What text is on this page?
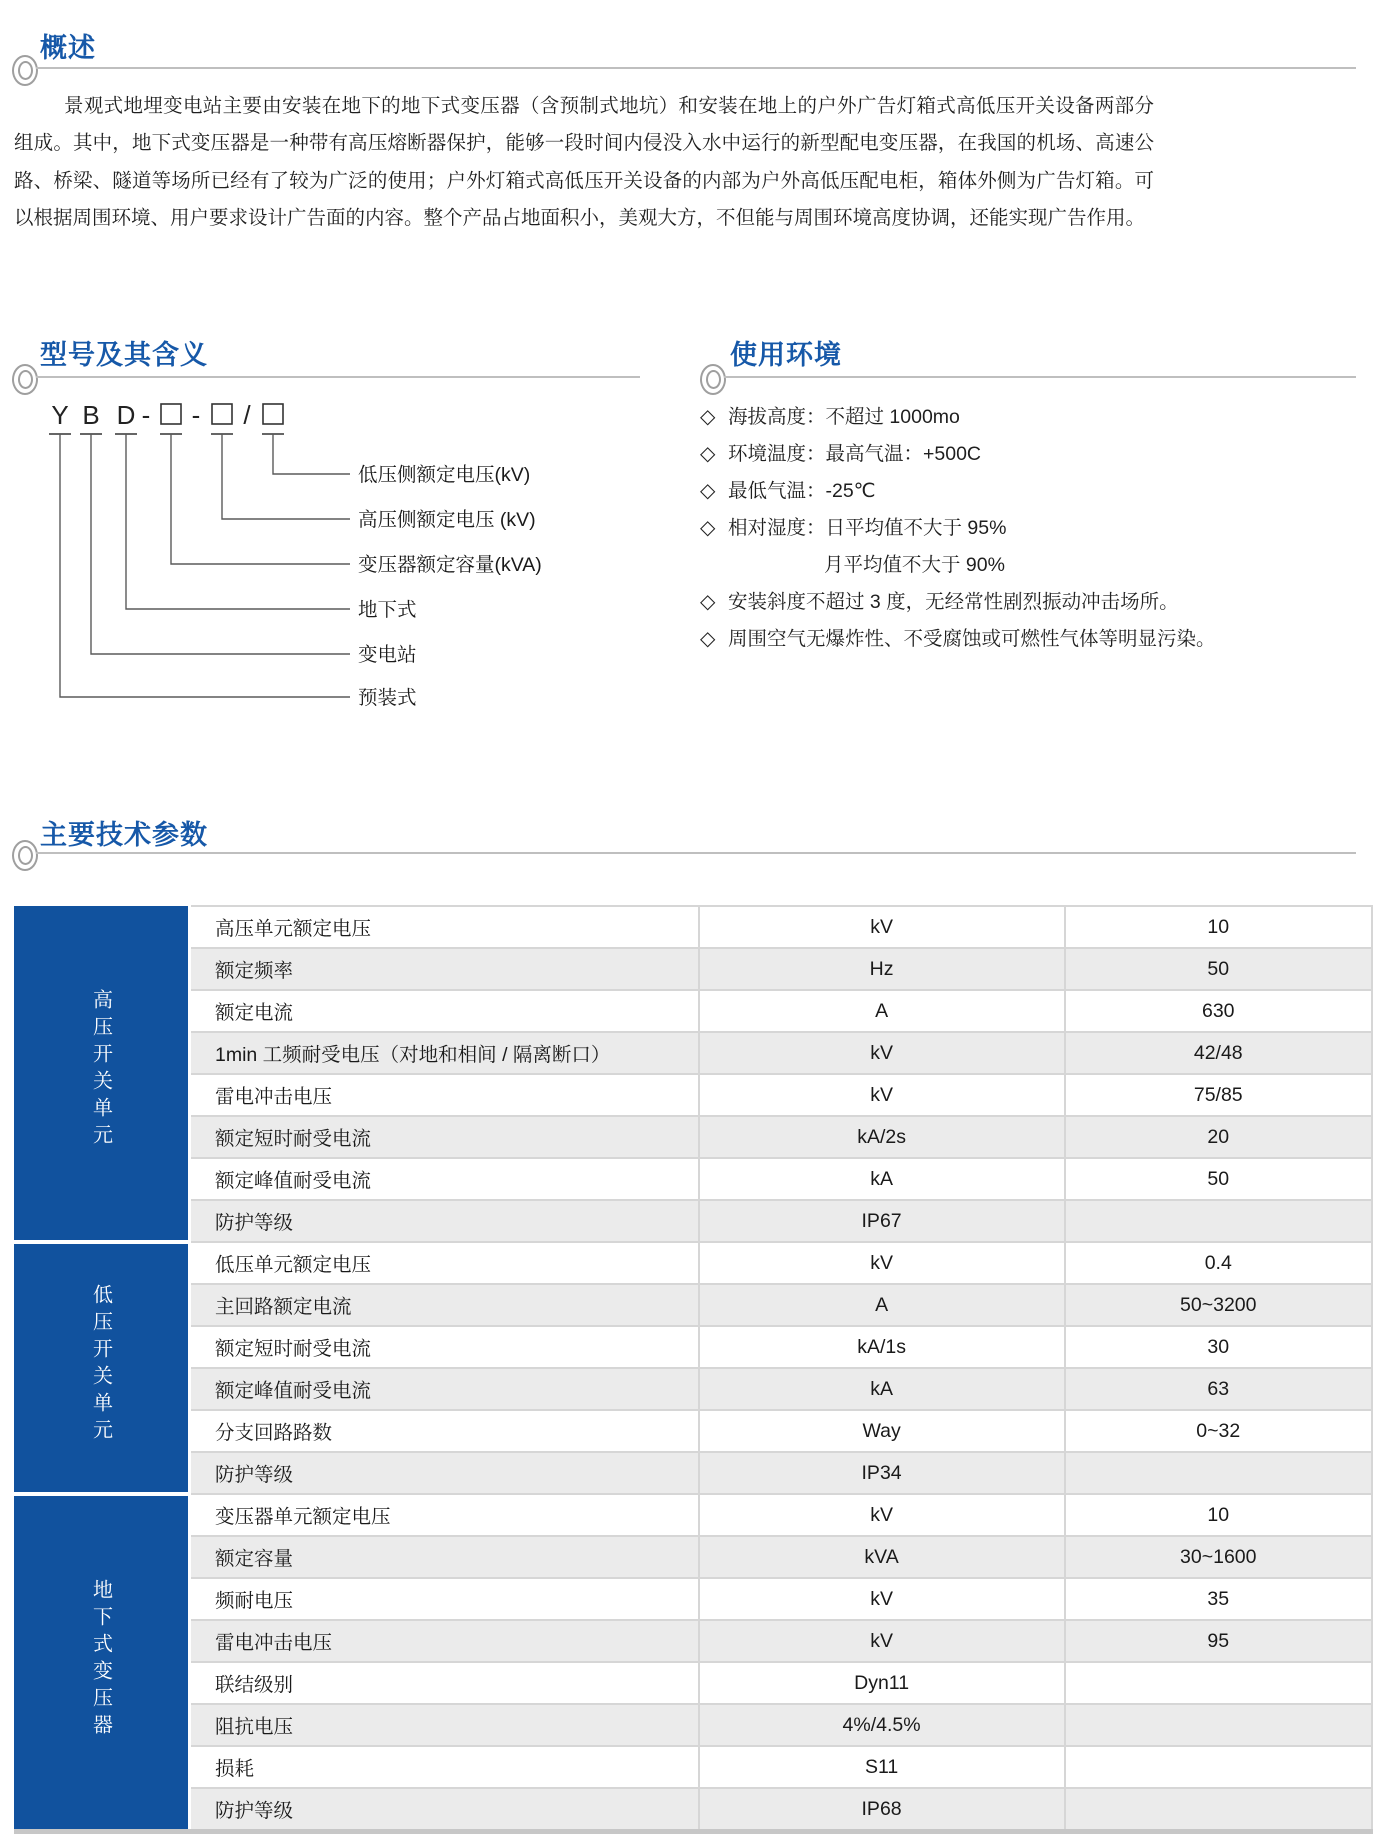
概述
景观式地埋变电站主要由安装在地下的地下式变压器（含预制式地坑）和安装在地上的户外广告灯箱式高低压开关设备两部分组成。其中，地下式变压器是一种带有高压熔断器保护，能够一段时间内侵没入水中运行的新型配电变压器，在我国的机场、高速公路、桥梁、隧道等场所已经有了较为广泛的使用；户外灯箱式高低压开关设备的内部为户外高低压配电柜，箱体外侧为广告灯箱。可以根据周围环境、用户要求设计广告面的内容。整个产品占地面积小，美观大方，不但能与周围环境高度协调，还能实现广告作用。
型号及其含义
Y B D - - /
低压侧额定电压(kV)
高压侧额定电压 (kV)
变压器额定容量(kVA)
地下式
变电站
预装式
使用环境
◇ 海拔高度：不超过 1000mo
◇ 环境温度：最高气温：+500C
◇ 最低气温：-25℃
◇ 相对湿度：日平均值不大于 95%
月平均值不大于 90%
◇ 安装斜度不超过 3 度，无经常性剧烈振动冲击场所。
◇ 周围空气无爆炸性、不受腐蚀或可燃性气体等明显污染。
主要技术参数
高压开关单元	高压单元额定电压	kV	10
	额定频率	Hz	50
	额定电流	A	630
	1min 工频耐受电压（对地和相间 / 隔离断口）	kV	42/48
	雷电冲击电压	kV	75/85
	额定短时耐受电流	kA/2s	20
	额定峰值耐受电流	kA	50
	防护等级	IP67	
低压开关单元	低压单元额定电压	kV	0.4
	主回路额定电流	A	50~3200
	额定短时耐受电流	kA/1s	30
	额定峰值耐受电流	kA	63
	分支回路路数	Way	0~32
	防护等级	IP34	
地下式变压器	变压器单元额定电压	kV	10
	额定容量	kVA	30~1600
	频耐电压	kV	35
	雷电冲击电压	kV	95
	联结级别	Dyn11	
	阻抗电压	4%/4.5%	
	损耗	S11	
	防护等级	IP68	
